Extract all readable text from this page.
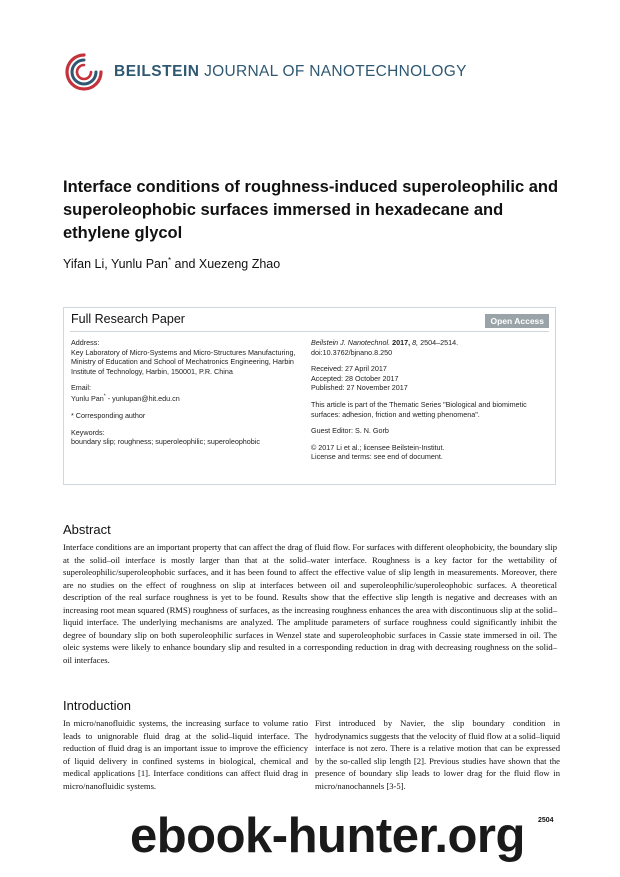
BEILSTEIN JOURNAL OF NANOTECHNOLOGY
Interface conditions of roughness-induced superoleophilic and superoleophobic surfaces immersed in hexadecane and ethylene glycol
Yifan Li, Yunlu Pan* and Xuezeng Zhao
Full Research Paper	Open Access

Address:
Key Laboratory of Micro-Systems and Micro-Structures Manufacturing, Ministry of Education and School of Mechatronics Engineering, Harbin Institute of Technology, Harbin, 150001, P.R. China

Email:
Yunlu Pan* - yunlupan@hit.edu.cn

* Corresponding author

Keywords:
boundary slip; roughness; superoleophilic; superoleophobic

Beilstein J. Nanotechnol. 2017, 8, 2504–2514.
doi:10.3762/bjnano.8.250

Received: 27 April 2017
Accepted: 28 October 2017
Published: 27 November 2017

This article is part of the Thematic Series "Biological and biomimetic surfaces: adhesion, friction and wetting phenomena".

Guest Editor: S. N. Gorb

© 2017 Li et al.; licensee Beilstein-Institut.
License and terms: see end of document.

Abstract
Interface conditions are an important property that can affect the drag of fluid flow. For surfaces with different oleophobicity, the boundary slip at the solid–oil interface is mostly larger than that at the solid–water interface. Roughness is a key factor for the wettability of superoleophilic/superoleophobic surfaces, and it has been found to affect the effective value of slip length in measurements. Moreover, there are no studies on the effect of roughness on slip at interfaces between oil and superoleophilic/superoleophobic surfaces. A theoretical description of the real surface roughness is yet to be found. Results show that the effective slip length is negative and decreases with an increasing root mean squared (RMS) roughness of surfaces, as the increasing roughness enhances the area with discontinuous slip at the solid–liquid interface. The underlying mechanisms are analyzed. The amplitude parameters of surface roughness could significantly inhibit the degree of boundary slip on both superoleophilic surfaces in Wenzel state and superoleophobic surfaces in Cassie state immersed in oil. The oleic systems were likely to enhance boundary slip and resulted in a corresponding reduction in drag with decreasing roughness on the solid–oil interfaces.
Introduction
In micro/nanofluidic systems, the increasing surface to volume ratio leads to unignorable fluid drag at the solid–liquid interface. The reduction of fluid drag is an important issue to improve the efficiency of liquid delivery in confined systems in biological, chemical and medical applications [1]. Interface conditions can affect fluid drag in micro/nanofluidic systems.
First introduced by Navier, the slip boundary condition in hydrodynamics suggests that the velocity of fluid flow at a solid–liquid interface is not zero. There is a relative motion that can be expressed by the so-called slip length [2]. Previous studies have shown that the presence of boundary slip leads to lower drag for the fluid flow in micro/nanochannels [3-5].
2504
ebook-hunter.org
